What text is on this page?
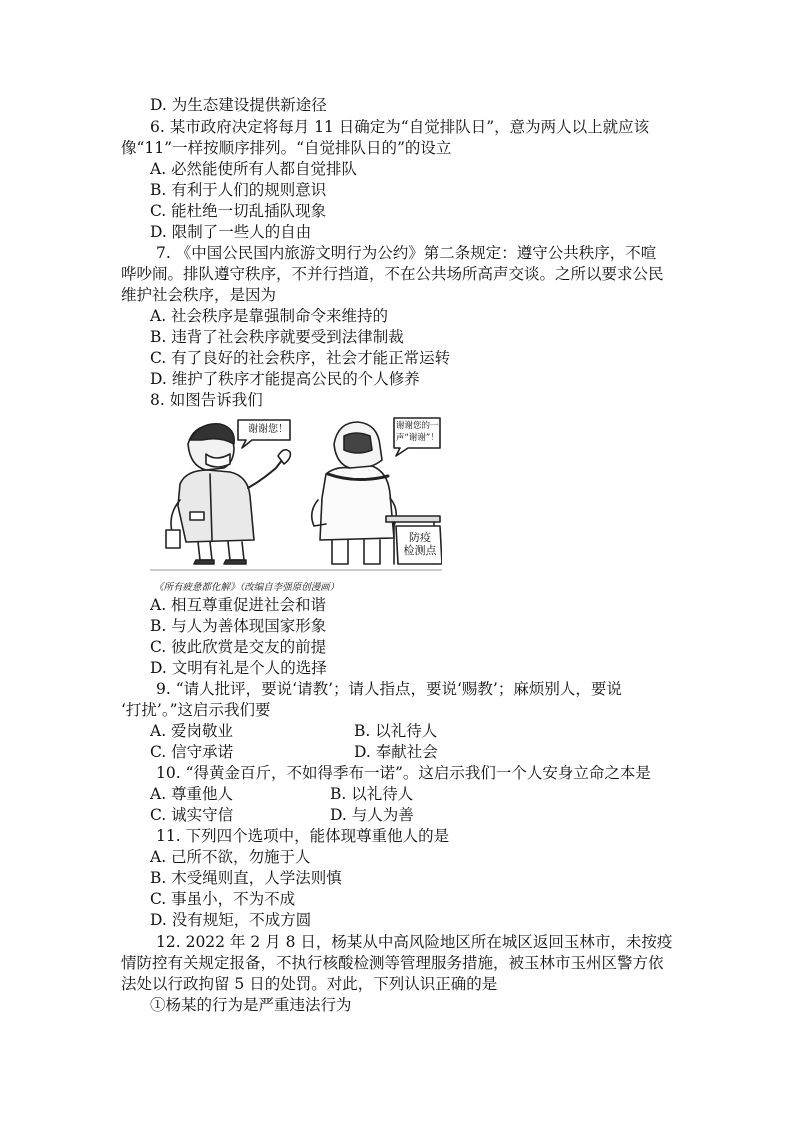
D. 为生态建设提供新途径
6. 某市政府决定将每月 11 日确定为“自觉排队日”，意为两人以上就应该
像“11”一样按顺序排列。“自觉排队日的”的设立
A. 必然能使所有人都自觉排队
B. 有利于人们的规则意识
C. 能杜绝一切乱插队现象
D. 限制了一些人的自由
7. 《中国公民国内旅游文明行为公约》第二条规定：遵守公共秩序，不喧
哗吵闹。排队遵守秩序，不并行挡道，不在公共场所高声交谈。之所以要求公民
维护社会秩序，是因为
A. 社会秩序是靠强制命令来维持的
B. 违背了社会秩序就要受到法律制裁
C. 有了良好的社会秩序，社会才能正常运转
D. 维护了秩序才能提高公民的个人修养
8. 如图告诉我们
谢谢您！	谢谢您的一
声“谢谢”！
防疫
检测点
《所有疲惫都化解》（改编自李强原创漫画）
A. 相互尊重促进社会和谐
B. 与人为善体现国家形象
C. 彼此欣赏是交友的前提
D. 文明有礼是个人的选择
9. “请人批评，要说‘请教’；请人指点，要说‘赐教’；麻烦别人，要说
‘打扰’。”这启示我们要
A. 爱岗敬业	B. 以礼待人
C. 信守承诺	D. 奉献社会
10. “得黄金百斤，不如得季布一诺”。这启示我们一个人安身立命之本是
A. 尊重他人	B. 以礼待人
C. 诚实守信	D. 与人为善
11. 下列四个选项中，能体现尊重他人的是
A. 己所不欲，勿施于人
B. 木受绳则直，人学法则慎
C. 事虽小，不为不成
D. 没有规矩，不成方圆
12. 2022 年 2 月 8 日，杨某从中高风险地区所在城区返回玉林市，未按疫
情防控有关规定报备，不执行核酸检测等管理服务措施，被玉林市玉州区警方依
法处以行政拘留 5 日的处罚。对此，下列认识正确的是
①杨某的行为是严重违法行为
